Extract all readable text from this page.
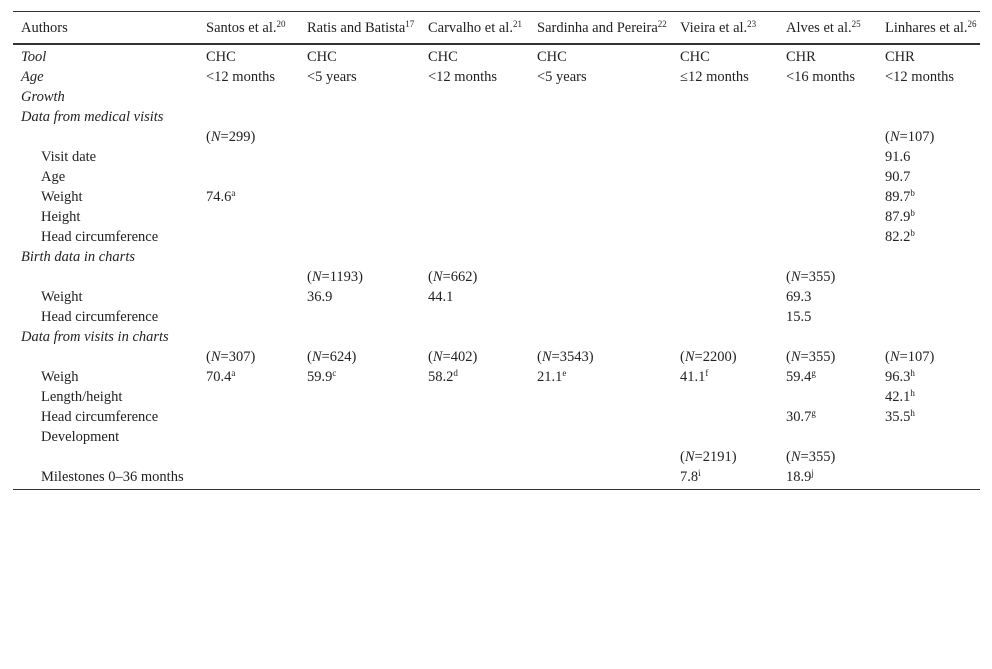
Authors	Santos et al.$^{20}$	Ratis and Batista$^{17}$	Carvalho et al.$^{21}$	Sardinha and Pereira$^{22}$	Vieira et al.$^{23}$	Alves et al.$^{25}$	Linhares et al.$^{26}$
Tool	CHC	CHC	CHC	CHC	CHC	CHR	CHR
Age	<12 months	<5 years	<12 months	<5 years	≤12 months	<16 months	<12 months
Growth							
Data from medical visits							
	(N=299)						(N=107)
Visit date							91.6
Age							90.7
Weight	74.6$^a$						89.7$^b$
Height							87.9$^b$
Head circumference							82.2$^b$
Birth data in charts							
		(N=1193)	(N=662)			(N=355)	
Weight		36.9	44.1			69.3	
Head circumference						15.5	
Data from visits in charts							
	(N=307)	(N=624)	(N=402)	(N=3543)	(N=2200)	(N=355)	(N=107)
Weigh	70.4$^a$	59.9$^c$	58.2$^d$	21.1e	41.1$^f$	59.4$^g$	96.3$^h$
Length/height							42.1$^h$
Head circumference						30.7$^g$	35.5$^h$
Development							
					(N=2191)	(N=355)	
Milestones 0–36 months					7.8$^i$	18.9$^j$	
